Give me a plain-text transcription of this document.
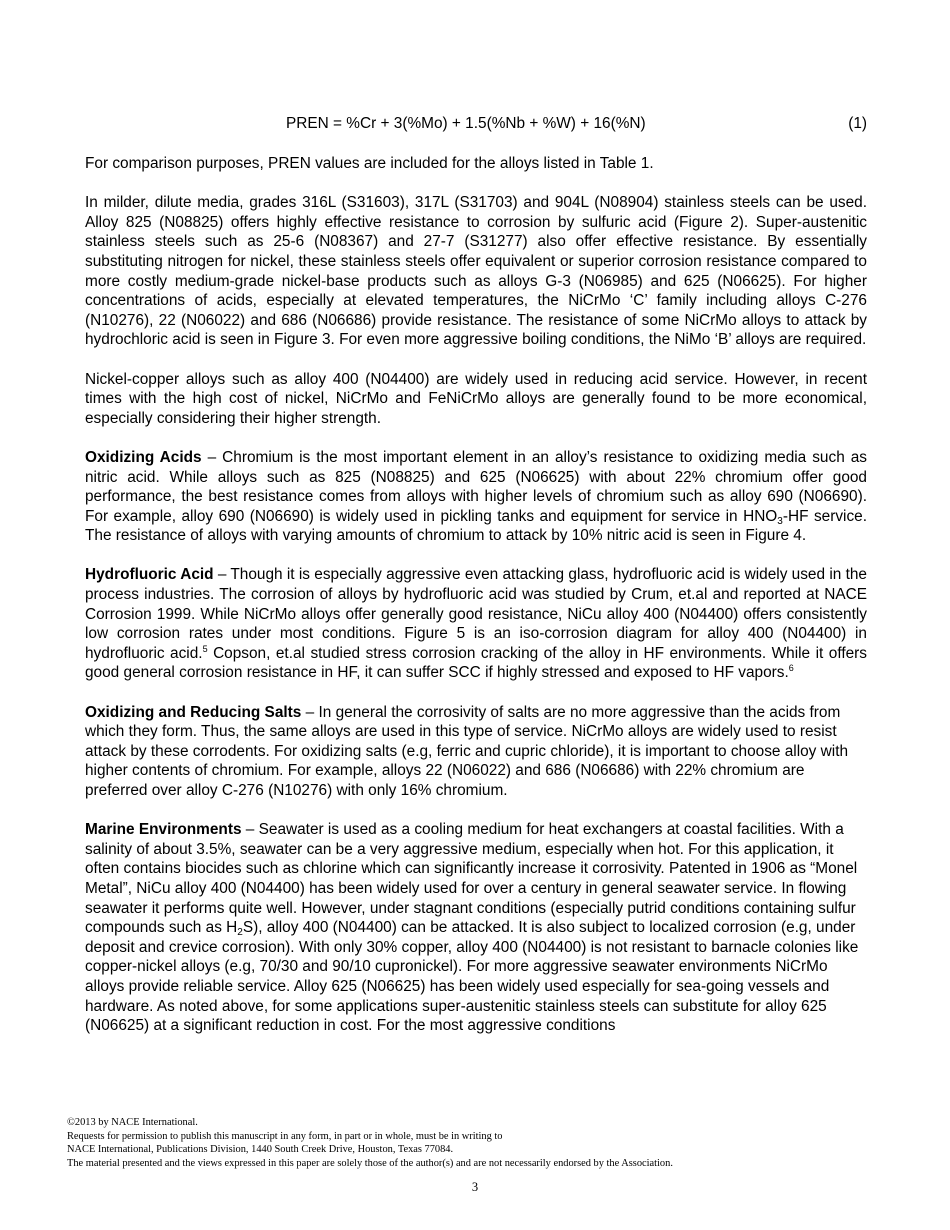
PREN = %Cr + 3(%Mo) + 1.5(%Nb + %W) + 16(%N)	(1)

For comparison purposes, PREN values are included for the alloys listed in Table 1.

In milder, dilute media, grades 316L (S31603), 317L (S31703) and 904L (N08904) stainless steels can be used. Alloy 825 (N08825) offers highly effective resistance to corrosion by sulfuric acid (Figure 2). Super-austenitic stainless steels such as 25-6 (N08367) and 27-7 (S31277) also offer effective resistance. By essentially substituting nitrogen for nickel, these stainless steels offer equivalent or superior corrosion resistance compared to more costly medium-grade nickel-base products such as alloys G-3 (N06985) and 625 (N06625). For higher concentrations of acids, especially at elevated temperatures, the NiCrMo ‘C’ family including alloys C-276 (N10276), 22 (N06022) and 686 (N06686) provide resistance. The resistance of some NiCrMo alloys to attack by hydrochloric acid is seen in Figure 3. For even more aggressive boiling conditions, the NiMo ‘B’ alloys are required.

Nickel-copper alloys such as alloy 400 (N04400) are widely used in reducing acid service. However, in recent times with the high cost of nickel, NiCrMo and FeNiCrMo alloys are generally found to be more economical, especially considering their higher strength.

Oxidizing Acids – Chromium is the most important element in an alloy’s resistance to oxidizing media such as nitric acid. While alloys such as 825 (N08825) and 625 (N06625) with about 22% chromium offer good performance, the best resistance comes from alloys with higher levels of chromium such as alloy 690 (N06690). For example, alloy 690 (N06690) is widely used in pickling tanks and equipment for service in $HNO_3-HF$ service. The resistance of alloys with varying amounts of chromium to attack by 10% nitric acid is seen in Figure 4.

Hydrofluoric Acid – Though it is especially aggressive even attacking glass, hydrofluoric acid is widely used in the process industries. The corrosion of alloys by hydrofluoric acid was studied by Crum, et.al and reported at NACE Corrosion 1999. While NiCrMo alloys offer generally good resistance, NiCu alloy 400 (N04400) offers consistently low corrosion rates under most conditions. Figure 5 is an iso-corrosion diagram for alloy 400 (N04400) in hydrofluoric acid.$^5$ Copson, et.al studied stress corrosion cracking of the alloy in HF environments. While it offers good general corrosion resistance in HF, it can suffer SCC if highly stressed and exposed to HF vapors.$^6$

Oxidizing and Reducing Salts – In general the corrosivity of salts are no more aggressive than the acids from which they form. Thus, the same alloys are used in this type of service. NiCrMo alloys are widely used to resist attack by these corrodents. For oxidizing salts (e.g, ferric and cupric chloride), it is important to choose alloy with higher contents of chromium. For example, alloys 22 (N06022) and 686 (N06686) with 22% chromium are preferred over alloy C-276 (N10276) with only 16% chromium.

Marine Environments – Seawater is used as a cooling medium for heat exchangers at coastal facilities. With a salinity of about 3.5%, seawater can be a very aggressive medium, especially when hot. For this application, it often contains biocides such as chlorine which can significantly increase it corrosivity. Patented in 1906 as “Monel Metal”, NiCu alloy 400 (N04400) has been widely used for over a century in general seawater service. In flowing seawater it performs quite well. However, under stagnant conditions (especially putrid conditions containing sulfur compounds such as $H_2S$), alloy 400 (N04400) can be attacked. It is also subject to localized corrosion (e.g, under deposit and crevice corrosion). With only 30% copper, alloy 400 (N04400) is not resistant to barnacle colonies like copper-nickel alloys (e.g, 70/30 and 90/10 cupronickel). For more aggressive seawater environments NiCrMo alloys provide reliable service. Alloy 625 (N06625) has been widely used especially for sea-going vessels and hardware. As noted above, for some applications super-austenitic stainless steels can substitute for alloy 625 (N06625) at a significant reduction in cost. For the most aggressive conditions

©2013 by NACE International.
Requests for permission to publish this manuscript in any form, in part or in whole, must be in writing to
NACE International, Publications Division, 1440 South Creek Drive, Houston, Texas 77084.
The material presented and the views expressed in this paper are solely those of the author(s) and are not necessarily endorsed by the Association.
3
